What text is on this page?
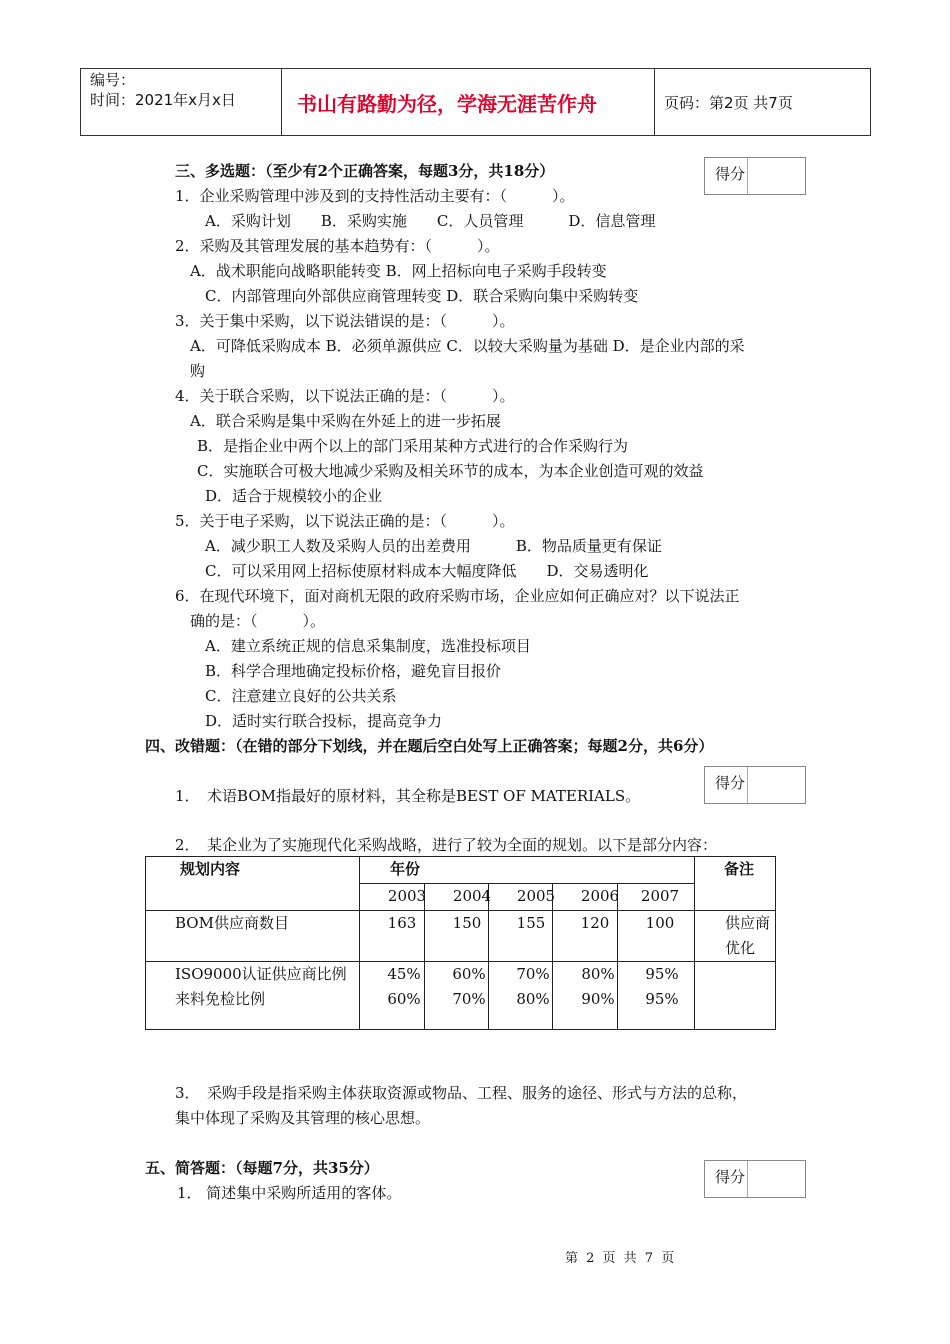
编号：
时间：2021年x月x日	书山有路勤为径，学海无涯苦作舟	页码：第2页 共7页
三、多选题：（至少有2个正确答案，每题3分，共18分）	得分
1．企业采购管理中涉及到的支持性活动主要有：（　　　）。
A．采购计划　　B．采购实施　　C．人员管理　　　D．信息管理
2．采购及其管理发展的基本趋势有：（　　　）。
A．战术职能向战略职能转变 B．网上招标向电子采购手段转变
C．内部管理向外部供应商管理转变 D．联合采购向集中采购转变
3．关于集中采购，以下说法错误的是：（　　　）。
A．可降低采购成本 B．必须单源供应 C．以较大采购量为基础 D．是企业内部的采
购
4．关于联合采购，以下说法正确的是：（　　　）。
A．联合采购是集中采购在外延上的进一步拓展
B．是指企业中两个以上的部门采用某种方式进行的合作采购行为
C．实施联合可极大地减少采购及相关环节的成本，为本企业创造可观的效益
D．适合于规模较小的企业
5．关于电子采购，以下说法正确的是：（　　　）。
A．减少职工人数及采购人员的出差费用　　　B．物品质量更有保证
C．可以采用网上招标使原材料成本大幅度降低　　D．交易透明化
6．在现代环境下，面对商机无限的政府采购市场，企业应如何正确应对？以下说法正
确的是：（　　　）。
A．建立系统正规的信息采集制度，选准投标项目
B．科学合理地确定投标价格，避免盲目报价
C．注意建立良好的公共关系
D．适时实行联合投标，提高竞争力
四、改错题：（在错的部分下划线，并在题后空白处写上正确答案；每题2分，共6分）
得分
1．　术语BOM指最好的原材料，其全称是BEST OF MATERIALS。
2．　某企业为了实施现代化采购战略，进行了较为全面的规划。以下是部分内容：
规划内容	年份	备注
2003	2004	2005	2006	2007
BOM供应商数目	163	150	155	120	100	供应商
优化
ISO9000认证供应商比例	45%	60%	70%	80%	95%
来料免检比例	60%	70%	80%	90%	95%
3．　采购手段是指采购主体获取资源或物品、工程、服务的途径、形式与方法的总称，
集中体现了采购及其管理的核心思想。
五、简答题：（每题7分，共35分）	得分
1． 简述集中采购所适用的客体。
第 2 页 共 7 页
